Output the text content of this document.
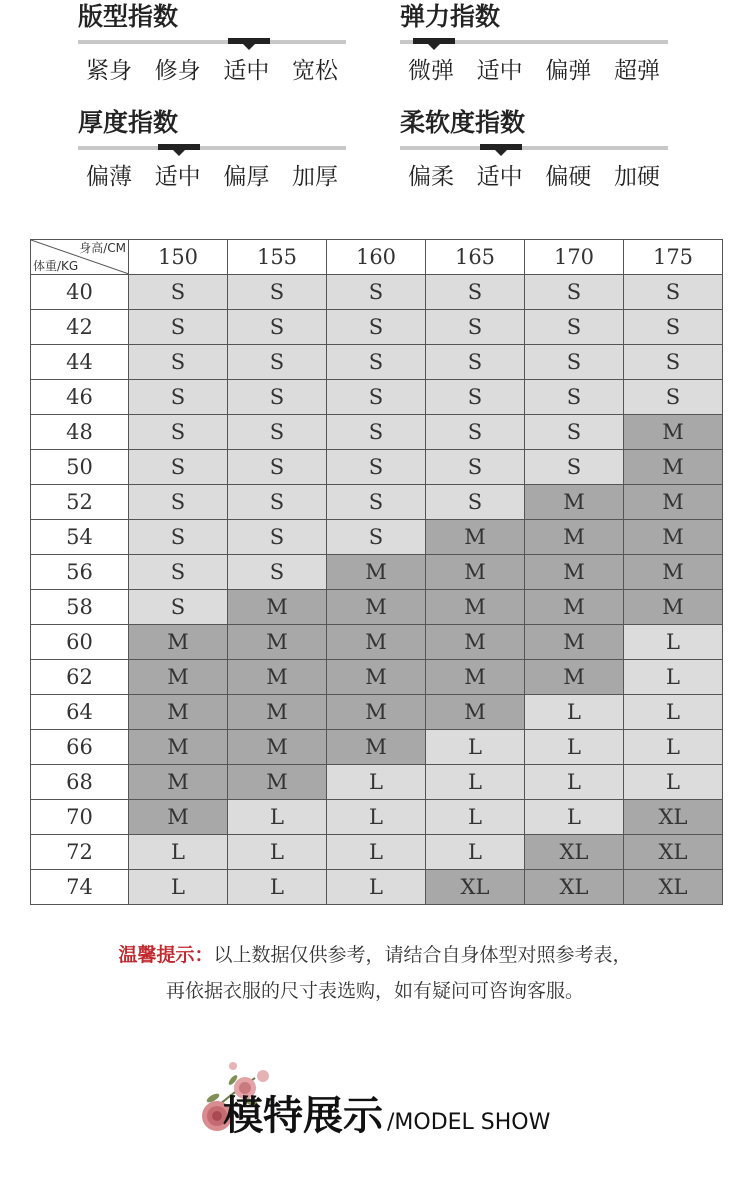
版型指数
紧身 修身 适中 宽松
弹力指数
微弹 适中 偏弹 超弹
厚度指数
偏薄 适中 偏厚 加厚
柔软度指数
偏柔 适中 偏硬 加硬
身高/CM
体重/KG	150	155	160	165	170	175
40	S	S	S	S	S	S
42	S	S	S	S	S	S
44	S	S	S	S	S	S
46	S	S	S	S	S	S
48	S	S	S	S	S	M
50	S	S	S	S	S	M
52	S	S	S	S	M	M
54	S	S	S	M	M	M
56	S	S	M	M	M	M
58	S	M	M	M	M	M
60	M	M	M	M	M	L
62	M	M	M	M	M	L
64	M	M	M	M	L	L
66	M	M	M	L	L	L
68	M	M	L	L	L	L
70	M	L	L	L	L	XL
72	L	L	L	L	XL	XL
74	L	L	L	XL	XL	XL
温馨提示：以上数据仅供参考，请结合自身体型对照参考表，
再依据衣服的尺寸表选购，如有疑问可咨询客服。
模特展示 /MODEL SHOW
